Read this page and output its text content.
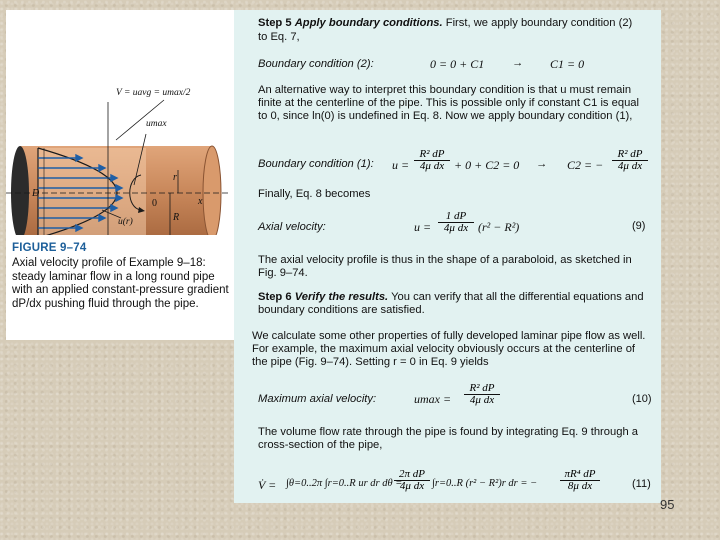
V = uavg = umax/2
umax
D
r
0
R
x
u(r)
FIGURE 9–74
Axial velocity profile of Example 9–18: steady laminar flow in a long round pipe with an applied constant-pressure gradient dP/dx pushing fluid through the pipe.
Step 5 Apply boundary conditions. First, we apply boundary condition (2)
to Eq. 7,
Boundary condition (2):	0 = 0 + C1 → C1 = 0
An alternative way to interpret this boundary condition is that u must remain finite at the centerline of the pipe. This is possible only if constant C1 is equal to 0, since ln(0) is undefined in Eq. 8. Now we apply boundary condition (1),
Boundary condition (1): $u = \frac{\text{R² dP}}{\text{4μ dx}} + 0 + C2 = 0 \to C2$ = − $\frac{\text{R² dP}}{\text{4μ dx}}$
Finally, Eq. 8 becomes
Axial velocity:	$u = \frac{1 dP}{\text{4μ dx}} (r^2 - R^2)$	(9)
The axial velocity profile is thus in the shape of a paraboloid, as sketched in Fig. 9–74.
Step 6 Verify the results. You can verify that all the differential equations and boundary conditions are satisfied.
We calculate some other properties of fully developed laminar pipe flow as well. For example, the maximum axial velocity obviously occurs at the centerline of the pipe (Fig. 9–74). Setting r = 0 in Eq. 9 yields
Maximum axial velocity:	$umax = \frac{\text{R² dP}}{\text{4μ dx}}$	(10)
The volume flow rate through the pipe is found by integrating Eq. 9 through a cross-section of the pipe,
V̇ = ∫θ=0..2π ∫r=0..R ur dr dθ =
$\frac{\text{2π dP}}{\text{4μ dx}} \int r=0..R$ (r² − R²)r dr = − $\frac{\text{πR⁴ dP}}{\text{8μ dx}}$	(11)
95
